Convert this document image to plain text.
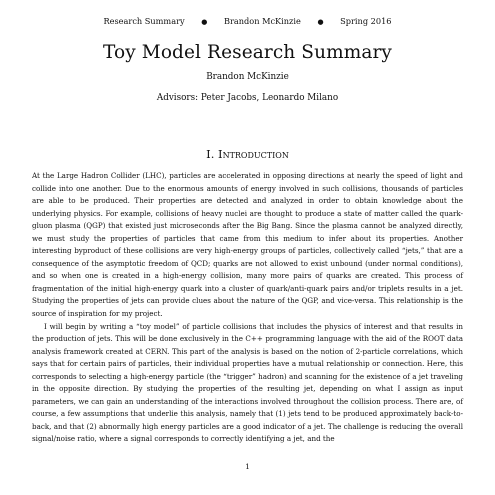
Research Summary ● Brandon McKinzie ● Spring 2016
Toy Model Research Summary
Brandon McKinzie
Advisors: Peter Jacobs, Leonardo Milano
I. Introduction

At the Large Hadron Collider (LHC), particles are accelerated in opposing directions at nearly the speed of light and collide into one another. Due to the enormous amounts of energy involved in such collisions, thousands of particles are able to be produced. Their properties are detected and analyzed in order to obtain knowledge about the underlying physics. For example, collisions of heavy nuclei are thought to produce a state of matter called the quark-gluon plasma (QGP) that existed just microseconds after the Big Bang. Since the plasma cannot be analyzed directly, we must study the properties of particles that came from this medium to infer about its properties. Another interesting byproduct of these collisions are very high-energy groups of particles, collectively called “jets,” that are a consequence of the asymptotic freedom of QCD; quarks are not allowed to exist unbound (under normal conditions), and so when one is created in a high-energy collision, many more pairs of quarks are created. This process of fragmentation of the initial high-energy quark into a cluster of quark/anti-quark pairs and/or triplets results in a jet. Studying the properties of jets can provide clues about the nature of the QGP, and vice-versa. This relationship is the source of inspiration for my project.

I will begin by writing a “toy model” of particle collisions that includes the physics of interest and that results in the production of jets. This will be done exclusively in the C++ programming language with the aid of the ROOT data analysis framework created at CERN. This part of the analysis is based on the notion of 2-particle correlations, which says that for certain pairs of particles, their individual properties have a mutual relationship or connection. Here, this corresponds to selecting a high-energy particle (the “trigger” hadron) and scanning for the existence of a jet traveling in the opposite direction. By studying the properties of the resulting jet, depending on what I assign as input parameters, we can gain an understanding of the interactions involved throughout the collision process. There are, of course, a few assumptions that underlie this analysis, namely that (1) jets tend to be produced approximately back-to-back, and that (2) abnormally high energy particles are a good indicator of a jet. The challenge is reducing the overall signal/noise ratio, where a signal corresponds to correctly identifying a jet, and the

1
